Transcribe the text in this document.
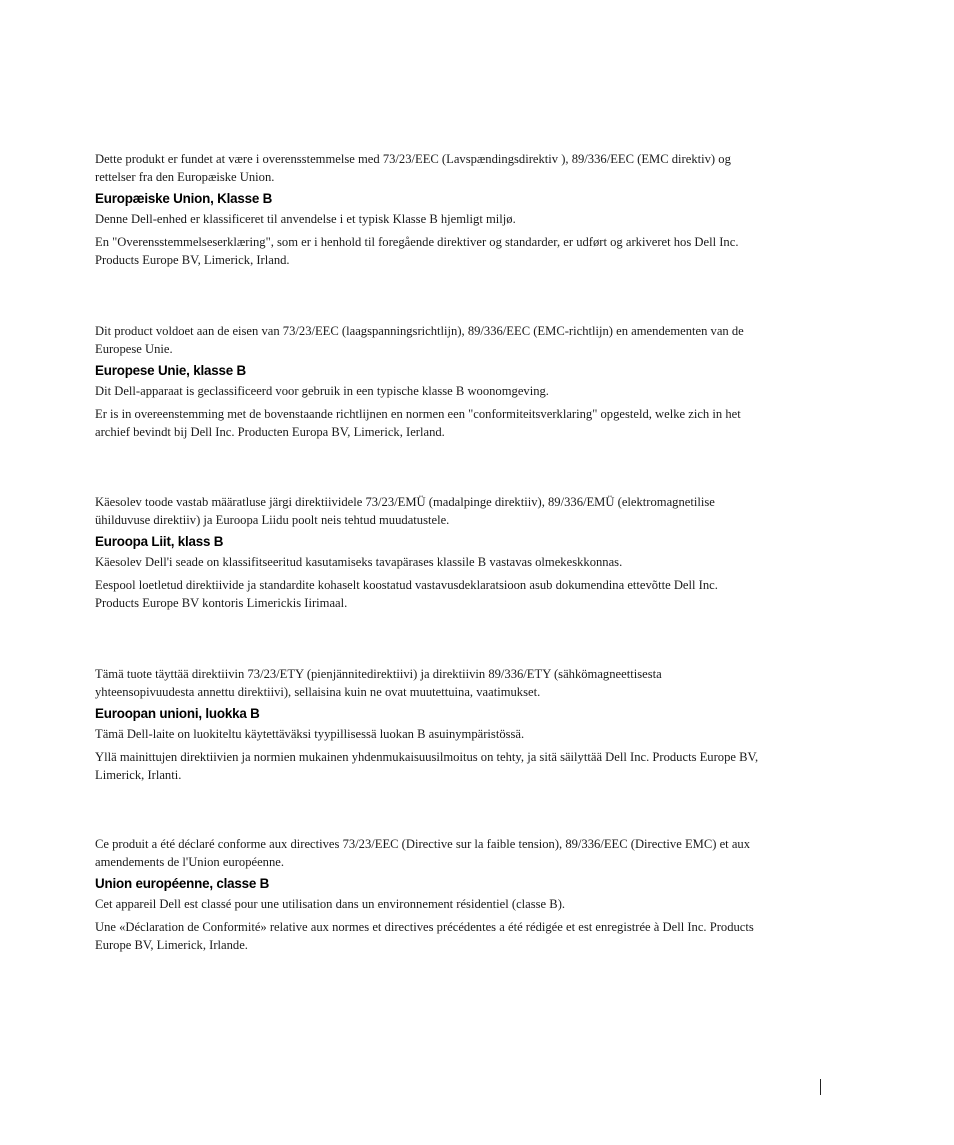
Dette produkt er fundet at være i overensstemmelse med 73/23/EEC (Lavspændingsdirektiv ), 89/336/EEC (EMC direktiv) og
rettelser fra den Europæiske Union.

Europæiske Union, Klasse B

Denne Dell-enhed er klassificeret til anvendelse i et typisk Klasse B hjemligt miljø.

En "Overensstemmelseserklæring", som er i henhold til foregående direktiver og standarder, er udført og arkiveret hos Dell Inc.
Products Europe BV, Limerick, Irland.

Dit product voldoet aan de eisen van 73/23/EEC (laagspanningsrichtlijn), 89/336/EEC (EMC-richtlijn) en amendementen van de
Europese Unie.

Europese Unie, klasse B

Dit Dell-apparaat is geclassificeerd voor gebruik in een typische klasse B woonomgeving.

Er is in overeenstemming met de bovenstaande richtlijnen en normen een "conformiteitsverklaring" opgesteld, welke zich in het
archief bevindt bij Dell Inc. Producten Europa BV, Limerick, Ierland.

Käesolev toode vastab määratluse järgi direktiividele 73/23/EMÜ (madalpinge direktiiv), 89/336/EMÜ (elektromagnetilise
ühilduvuse direktiiv) ja Euroopa Liidu poolt neis tehtud muudatustele.

Euroopa Liit, klass B

Käesolev Dell'i seade on klassifitseeritud kasutamiseks tavapärases klassile B vastavas olmekeskkonnas.

Eespool loetletud direktiivide ja standardite kohaselt koostatud vastavusdeklaratsioon asub dokumendina ettevõtte Dell Inc.
Products Europe BV kontoris Limerickis Iirimaal.

Tämä tuote täyttää direktiivin 73/23/ETY (pienjännitedirektiivi) ja direktiivin 89/336/ETY (sähkömagneettisesta
yhteensopivuudesta annettu direktiivi), sellaisina kuin ne ovat muutettuina, vaatimukset.

Euroopan unioni, luokka B

Tämä Dell-laite on luokiteltu käytettäväksi tyypillisessä luokan B asuinympäristössä.

Yllä mainittujen direktiivien ja normien mukainen yhdenmukaisuusilmoitus on tehty, ja sitä säilyttää Dell Inc. Products Europe BV,
Limerick, Irlanti.

Ce produit a été déclaré conforme aux directives 73/23/EEC (Directive sur la faible tension), 89/336/EEC (Directive EMC) et aux
amendements de l'Union européenne.

Union européenne, classe B

Cet appareil Dell est classé pour une utilisation dans un environnement résidentiel (classe B).

Une «Déclaration de Conformité» relative aux normes et directives précédentes a été rédigée et est enregistrée à Dell Inc. Products
Europe BV, Limerick, Irlande.
